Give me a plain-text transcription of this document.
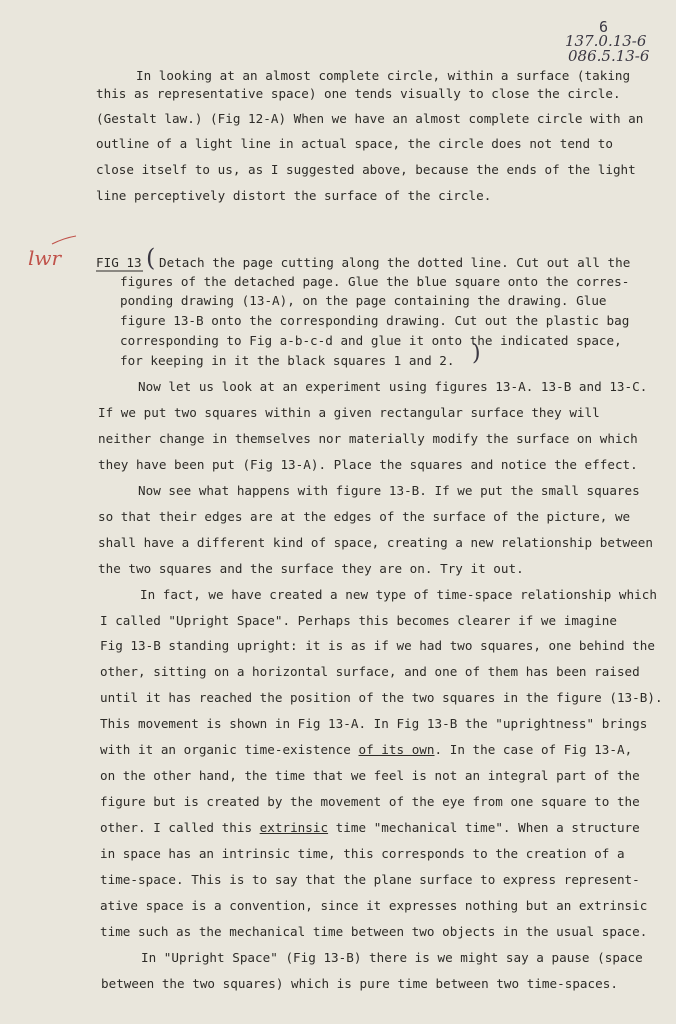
6
137.0.13-6
086.5.13-6
lwr
In looking at an almost complete circle, within a surface (taking
this as representative space) one tends visually to close the circle.
(Gestalt law.) (Fig 12-A) When we have an almost complete circle with an
outline of a light line in actual space, the circle does not tend to
close itself to us, as I suggested above, because the ends of the light
line perceptively distort the surface of the circle.
FIG 13 ( Detach the page cutting along the dotted line. Cut out all the
figures of the detached page. Glue the blue square onto the corres-
ponding drawing (13-A), on the page containing the drawing. Glue
figure 13-B onto the corresponding drawing. Cut out the plastic bag
corresponding to Fig a-b-c-d and glue it onto the indicated space,
for keeping in it the black squares 1 and 2. )
Now let us look at an experiment using figures 13-A. 13-B and 13-C.
If we put two squares within a given rectangular surface they will
neither change in themselves nor materially modify the surface on which
they have been put (Fig 13-A). Place the squares and notice the effect.
Now see what happens with figure 13-B. If we put the small squares
so that their edges are at the edges of the surface of the picture, we
shall have a different kind of space, creating a new relationship between
the two squares and the surface they are on. Try it out.
In fact, we have created a new type of time-space relationship which
I called "Upright Space". Perhaps this becomes clearer if we imagine
Fig 13-B standing upright: it is as if we had two squares, one behind the
other, sitting on a horizontal surface, and one of them has been raised
until it has reached the position of the two squares in the figure (13-B).
This movement is shown in Fig 13-A. In Fig 13-B the "uprightness" brings
with it an organic time-existence of its own. In the case of Fig 13-A,
on the other hand, the time that we feel is not an integral part of the
figure but is created by the movement of the eye from one square to the
other. I called this extrinsic time "mechanical time". When a structure
in space has an intrinsic time, this corresponds to the creation of a
time-space. This is to say that the plane surface to express represent-
ative space is a convention, since it expresses nothing but an extrinsic
time such as the mechanical time between two objects in the usual space.
In "Upright Space" (Fig 13-B) there is we might say a pause (space
between the two squares) which is pure time between two time-spaces.
